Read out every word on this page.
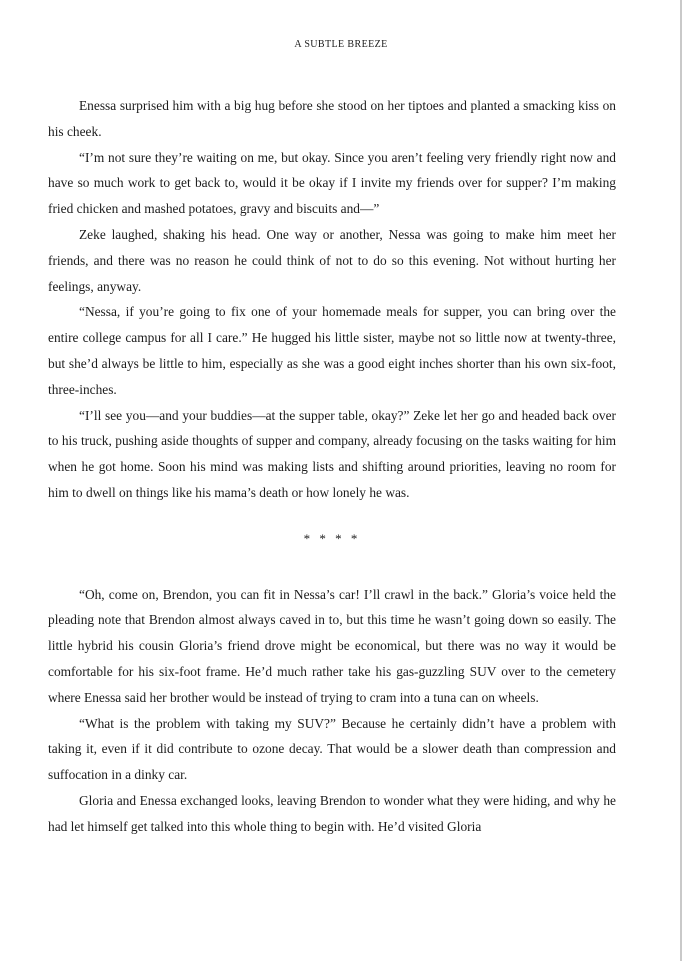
A SUBTLE BREEZE

Enessa surprised him with a big hug before she stood on her tiptoes and planted a smacking kiss on his cheek.

“I’m not sure they’re waiting on me, but okay. Since you aren’t feeling very friendly right now and have so much work to get back to, would it be okay if I invite my friends over for supper? I’m making fried chicken and mashed potatoes, gravy and biscuits and—”

Zeke laughed, shaking his head. One way or another, Nessa was going to make him meet her friends, and there was no reason he could think of not to do so this evening. Not without hurting her feelings, anyway.

“Nessa, if you’re going to fix one of your homemade meals for supper, you can bring over the entire college campus for all I care.” He hugged his little sister, maybe not so little now at twenty-three, but she’d always be little to him, especially as she was a good eight inches shorter than his own six-foot, three-inches.

“I’ll see you—and your buddies—at the supper table, okay?” Zeke let her go and headed back over to his truck, pushing aside thoughts of supper and company, already focusing on the tasks waiting for him when he got home. Soon his mind was making lists and shifting around priorities, leaving no room for him to dwell on things like his mama’s death or how lonely he was.

* * * *

“Oh, come on, Brendon, you can fit in Nessa’s car! I’ll crawl in the back.” Gloria’s voice held the pleading note that Brendon almost always caved in to, but this time he wasn’t going down so easily. The little hybrid his cousin Gloria’s friend drove might be economical, but there was no way it would be comfortable for his six-foot frame. He’d much rather take his gas-guzzling SUV over to the cemetery where Enessa said her brother would be instead of trying to cram into a tuna can on wheels.

“What is the problem with taking my SUV?” Because he certainly didn’t have a problem with taking it, even if it did contribute to ozone decay. That would be a slower death than compression and suffocation in a dinky car.

Gloria and Enessa exchanged looks, leaving Brendon to wonder what they were hiding, and why he had let himself get talked into this whole thing to begin with. He’d visited Gloria
